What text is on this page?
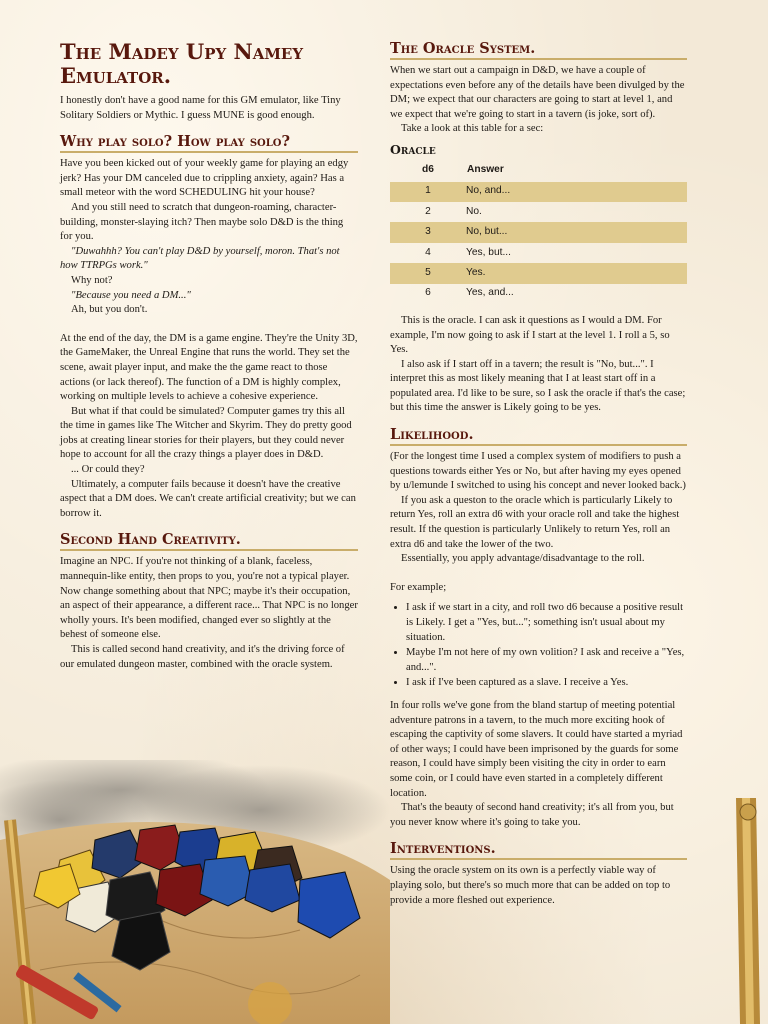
The Madey Upy Namey Emulator.

I honestly don't have a good name for this GM emulator, like Tiny Solitary Soldiers or Mythic. I guess MUNE is good enough.

Why play solo? How play solo?

Have you been kicked out of your weekly game for playing an edgy jerk? Has your DM canceled due to crippling anxiety, again? Has a small meteor with the word SCHEDULING hit your house?

And you still need to scratch that dungeon-roaming, character-building, monster-slaying itch? Then maybe solo D&D is the thing for you.

"Duwahhh? You can't play D&D by yourself, moron. That's not how TTRPGs work."

Why not?

"Because you need a DM..."

Ah, but you don't.

At the end of the day, the DM is a game engine. They're the Unity 3D, the GameMaker, the Unreal Engine that runs the world. They set the scene, await player input, and make the the game react to those actions (or lack thereof). The function of a DM is highly complex, working on multiple levels to achieve a cohesive experience.

But what if that could be simulated? Computer games try this all the time in games like The Witcher and Skyrim. They do pretty good jobs at creating linear stories for their players, but they could never hope to account for all the crazy things a player does in D&D.

... Or could they?

Ultimately, a computer fails because it doesn't have the creative aspect that a DM does. We can't create artificial creativity; but we can borrow it.

Second Hand Creativity.

Imagine an NPC. If you're not thinking of a blank, faceless, mannequin-like entity, then props to you, you're not a typical player. Now change something about that NPC; maybe it's their occupation, an aspect of their appearance, a different race... That NPC is no longer wholly yours. It's been modified, changed ever so slightly at the behest of someone else.

This is called second hand creativity, and it's the driving force of our emulated dungeon master, combined with the oracle system.

The Oracle System.

When we start out a campaign in D&D, we have a couple of expectations even before any of the details have been divulged by the DM; we expect that our characters are going to start at level 1, and we expect that we're going to start in a tavern (is joke, sort of).

Take a look at this table for a sec:

Oracle
d6	Answer
1	No, and...
2	No.
3	No, but...
4	Yes, but...
5	Yes.
6	Yes, and...

This is the oracle. I can ask it questions as I would a DM. For example, I'm now going to ask if I start at the level 1. I roll a 5, so Yes.

I also ask if I start off in a tavern; the result is "No, but...". I interpret this as most likely meaning that I at least start off in a populated area. I'd like to be sure, so I ask the oracle if that's the case; but this time the answer is Likely going to be yes.

Likelihood.

(For the longest time I used a complex system of modifiers to push a questions towards either Yes or No, but after having my eyes opened by u/lemunde I switched to using his concept and never looked back.)

If you ask a queston to the oracle which is particularly Likely to return Yes, roll an extra d6 with your oracle roll and take the highest result. If the question is particularly Unlikely to return Yes, roll an extra d6 and take the lower of the two.

Essentially, you apply advantage/disadvantage to the roll.

For example;

• I ask if we start in a city, and roll two d6 because a positive result is Likely. I get a "Yes, but..."; something isn't usual about my situation.
• Maybe I'm not here of my own volition? I ask and receive a "Yes, and...".
• I ask if I've been captured as a slave. I receive a Yes.

In four rolls we've gone from the bland startup of meeting potential adventure patrons in a tavern, to the much more exciting hook of escaping the captivity of some slavers. It could have started a myriad of other ways; I could have been imprisoned by the guards for some reason, I could have simply been visiting the city in order to earn some coin, or I could have even started in a completely different location.

That's the beauty of second hand creativity; it's all from you, but you never know where it's going to take you.

Interventions.

Using the oracle system on its own is a perfectly viable way of playing solo, but there's so much more that can be added on top to provide a more fleshed out experience.
